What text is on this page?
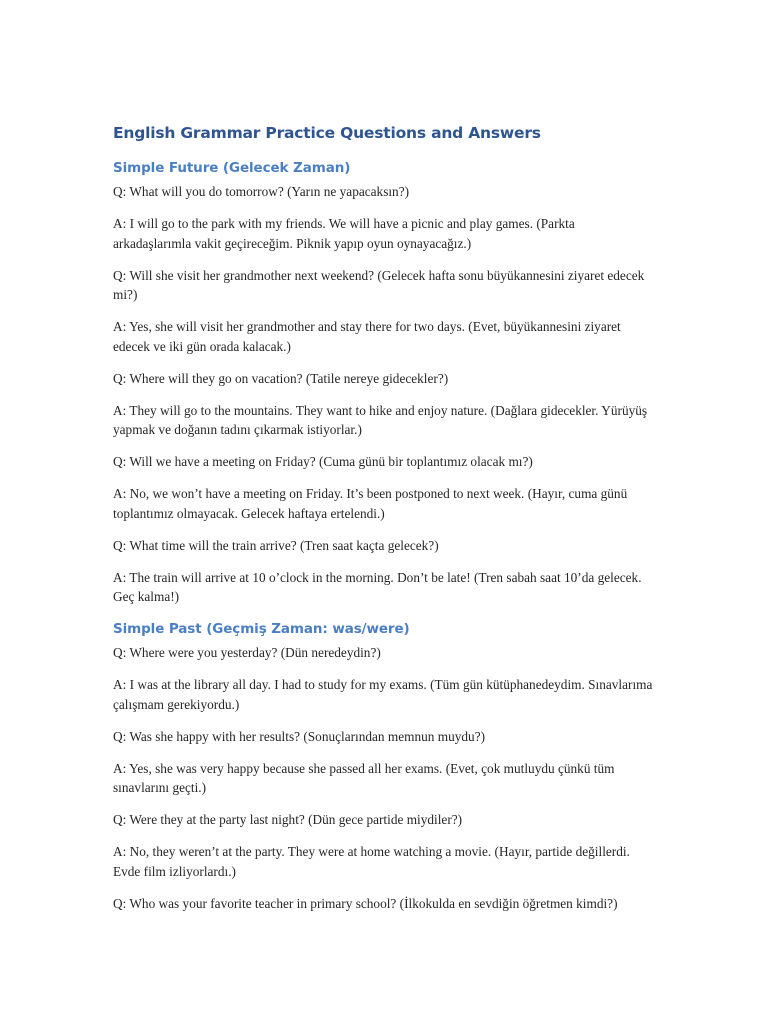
English Grammar Practice Questions and Answers
Simple Future (Gelecek Zaman)

Q: What will you do tomorrow? (Yarın ne yapacaksın?)

A: I will go to the park with my friends. We will have a picnic and play games. (Parkta arkadaşlarımla vakit geçireceğim. Piknik yapıp oyun oynayacağız.)

Q: Will she visit her grandmother next weekend? (Gelecek hafta sonu büyükannesini ziyaret edecek mi?)

A: Yes, she will visit her grandmother and stay there for two days. (Evet, büyükannesini ziyaret edecek ve iki gün orada kalacak.)

Q: Where will they go on vacation? (Tatile nereye gidecekler?)

A: They will go to the mountains. They want to hike and enjoy nature. (Dağlara gidecekler. Yürüyüş yapmak ve doğanın tadını çıkarmak istiyorlar.)

Q: Will we have a meeting on Friday? (Cuma günü bir toplantımız olacak mı?)

A: No, we won’t have a meeting on Friday. It’s been postponed to next week. (Hayır, cuma günü toplantımız olmayacak. Gelecek haftaya ertelendi.)

Q: What time will the train arrive? (Tren saat kaçta gelecek?)

A: The train will arrive at 10 o’clock in the morning. Don’t be late! (Tren sabah saat 10’da gelecek. Geç kalma!)

Simple Past (Geçmiş Zaman: was/were)

Q: Where were you yesterday? (Dün neredeydin?)

A: I was at the library all day. I had to study for my exams. (Tüm gün kütüphanedeydim. Sınavlarıma çalışmam gerekiyordu.)

Q: Was she happy with her results? (Sonuçlarından memnun muydu?)

A: Yes, she was very happy because she passed all her exams. (Evet, çok mutluydu çünkü tüm sınavlarını geçti.)

Q: Were they at the party last night? (Dün gece partide miydiler?)

A: No, they weren’t at the party. They were at home watching a movie. (Hayır, partide değillerdi. Evde film izliyorlardı.)

Q: Who was your favorite teacher in primary school? (İlkokulda en sevdiğin öğretmen kimdi?)
